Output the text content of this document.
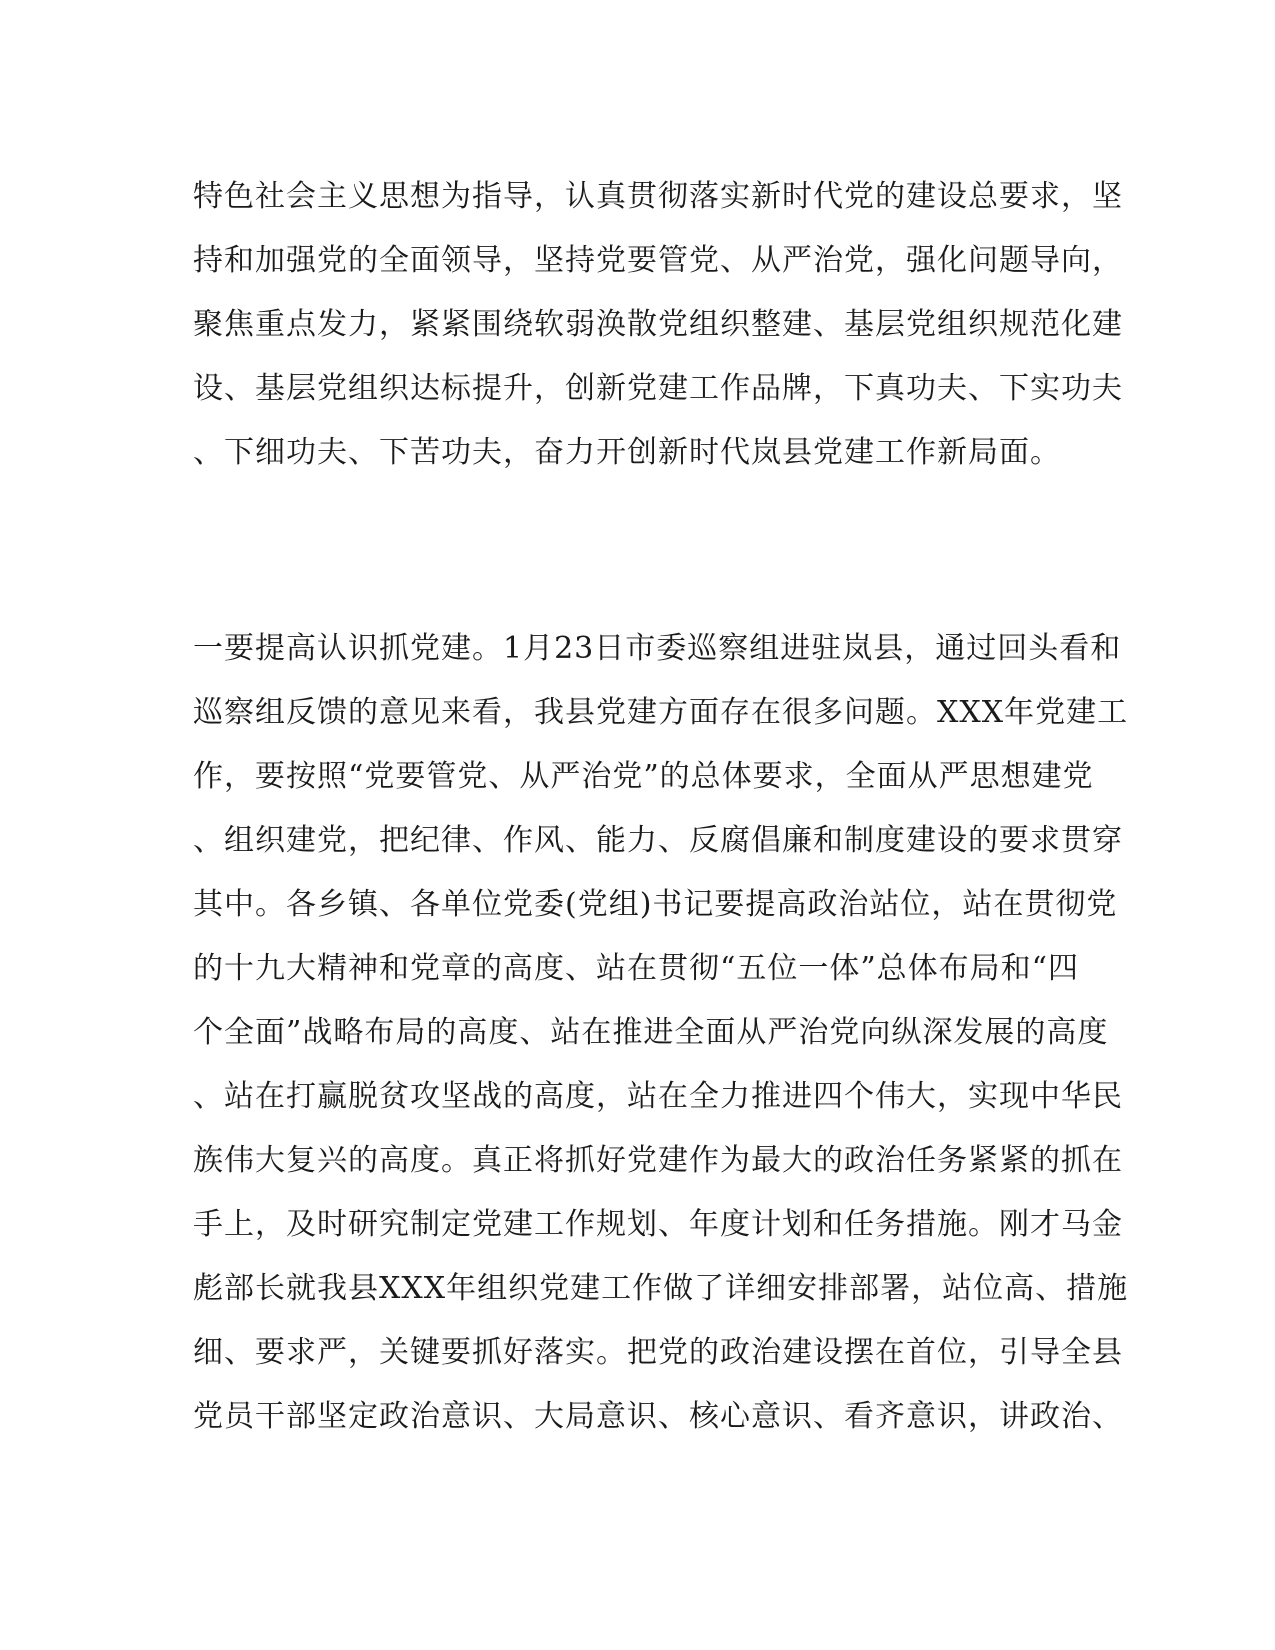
特色社会主义思想为指导，认真贯彻落实新时代党的建设总要求，坚
持和加强党的全面领导，坚持党要管党、从严治党，强化问题导向，
聚焦重点发力，紧紧围绕软弱涣散党组织整建、基层党组织规范化建
设、基层党组织达标提升，创新党建工作品牌，下真功夫、下实功夫
、下细功夫、下苦功夫，奋力开创新时代岚县党建工作新局面。
一要提高认识抓党建。1月23日市委巡察组进驻岚县，通过回头看和
巡察组反馈的意见来看，我县党建方面存在很多问题。XXX年党建工
作，要按照“党要管党、从严治党”的总体要求，全面从严思想建党
、组织建党，把纪律、作风、能力、反腐倡廉和制度建设的要求贯穿
其中。各乡镇、各单位党委(党组)书记要提高政治站位，站在贯彻党
的十九大精神和党章的高度、站在贯彻“五位一体”总体布局和“四
个全面”战略布局的高度、站在推进全面从严治党向纵深发展的高度
、站在打赢脱贫攻坚战的高度，站在全力推进四个伟大，实现中华民
族伟大复兴的高度。真正将抓好党建作为最大的政治任务紧紧的抓在
手上，及时研究制定党建工作规划、年度计划和任务措施。刚才马金
彪部长就我县XXX年组织党建工作做了详细安排部署，站位高、措施
细、要求严，关键要抓好落实。把党的政治建设摆在首位，引导全县
党员干部坚定政治意识、大局意识、核心意识、看齐意识，讲政治、
